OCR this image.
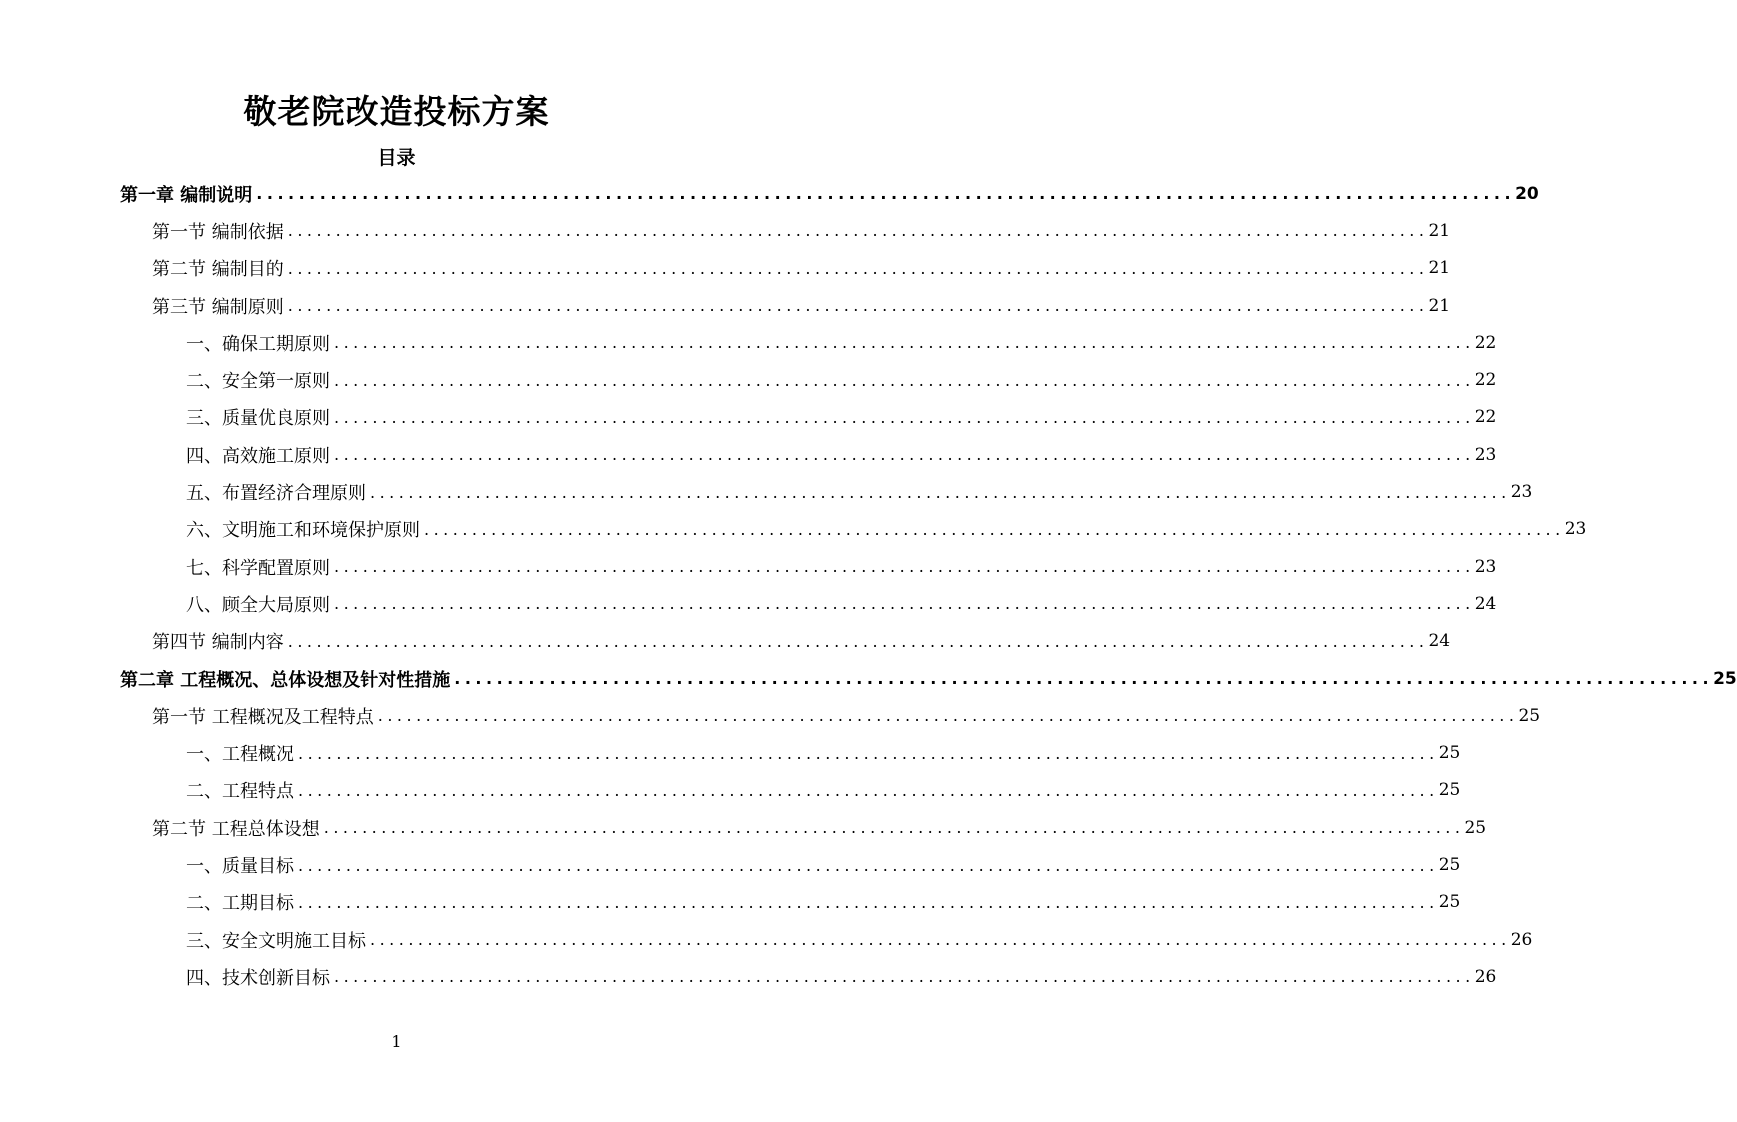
敬老院改造投标方案
目录
第一章 编制说明 ....................................................................................................................... 20
第一节 编制依据 ....................................................................................................................... 21
第二节 编制目的 ....................................................................................................................... 21
第三节 编制原则 ....................................................................................................................... 21
一、确保工期原则 ....................................................................................................................... 22
二、安全第一原则 ....................................................................................................................... 22
三、质量优良原则 ....................................................................................................................... 22
四、高效施工原则 ....................................................................................................................... 23
五、布置经济合理原则 ....................................................................................................................... 23
六、文明施工和环境保护原则 ....................................................................................................................... 23
七、科学配置原则 ....................................................................................................................... 23
八、顾全大局原则 ....................................................................................................................... 24
第四节 编制内容 ....................................................................................................................... 24
第二章 工程概况、总体设想及针对性措施 ....................................................................................................................... 25
第一节 工程概况及工程特点 ....................................................................................................................... 25
一、工程概况 ....................................................................................................................... 25
二、工程特点 ....................................................................................................................... 25
第二节 工程总体设想 ....................................................................................................................... 25
一、质量目标 ....................................................................................................................... 25
二、工期目标 ....................................................................................................................... 25
三、安全文明施工目标 ....................................................................................................................... 26
四、技术创新目标 ....................................................................................................................... 26
1
